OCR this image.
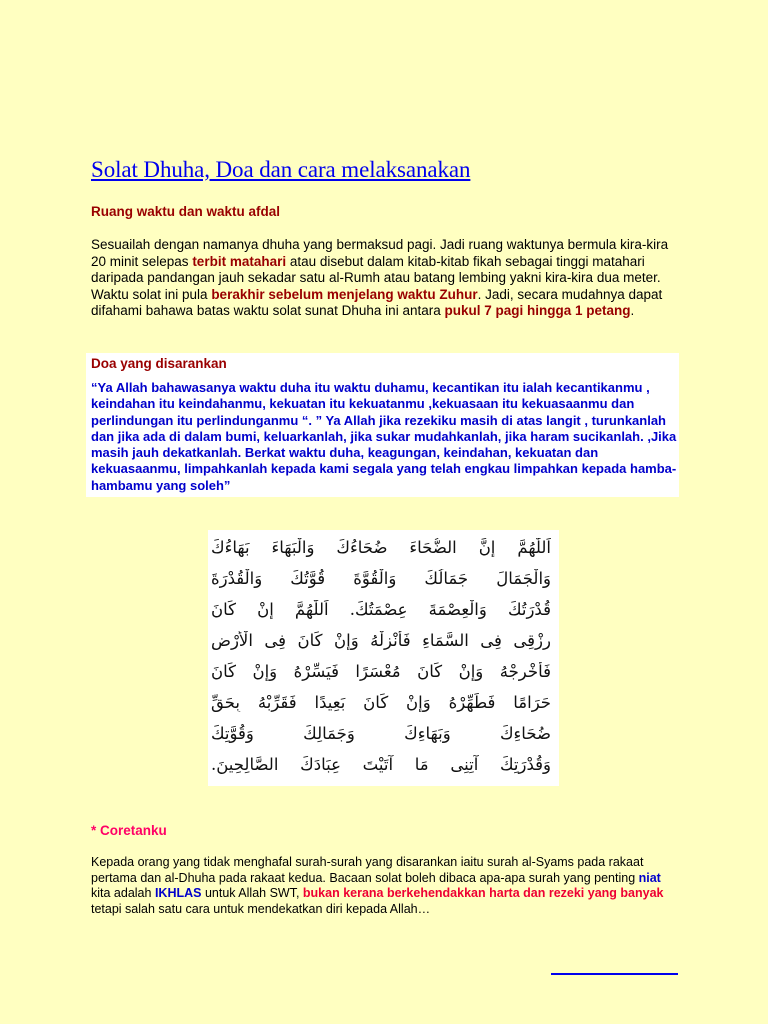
Solat Dhuha, Doa dan cara melaksanakan
Ruang waktu dan waktu afdal

Sesuailah dengan namanya dhuha yang bermaksud pagi. Jadi ruang waktunya bermula kira-kira 20 minit selepas terbit matahari atau disebut dalam kitab-kitab fikah sebagai tinggi matahari daripada pandangan jauh sekadar satu al-Rumh atau batang lembing yakni kira-kira dua meter. Waktu solat ini pula berakhir sebelum menjelang waktu Zuhur. Jadi, secara mudahnya dapat difahami bahawa batas waktu solat sunat Dhuha ini antara pukul 7 pagi hingga 1 petang.

Doa yang disarankan

“Ya Allah bahawasanya waktu duha itu waktu duhamu, kecantikan itu ialah kecantikanmu , keindahan itu keindahanmu, kekuatan itu kekuatanmu ,kekuasaan itu kekuasaanmu dan perlindungan itu perlindunganmu “. ” Ya Allah jika rezekiku masih di atas langit , turunkanlah dan jika ada di dalam bumi, keluarkanlah, jika sukar mudahkanlah, jika haram sucikanlah. ,Jika masih jauh dekatkanlah. Berkat waktu duha, keagungan, keindahan, kekuatan dan kekuasaanmu, limpahkanlah kepada kami segala yang telah engkau limpahkan kepada hamba-hambamu yang soleh”

اَللّٰهُمَّ إِنَّ الضُّحَاءَ ضُحَاءُكَ وَالْبَهَاءَ بَهَاءُكَ

وَالْجَمَالَ جَمَالُكَ وَالْقُوَّةَ قُوَّتُكَ وَالْقُدْرَةَ

قُدْرَتُكَ وَالْعِصْمَةَ عِصْمَتُكَ. اَللّٰهُمَّ إِنْ كَانَ

رِزْقِى فِى السَّمَاءِ فَأَنْزِلْهُ وَإِنْ كَانَ فِى الْأَرْضِ

فَأَخْرِجْهُ وَإِنْ كَانَ مُعْسَرًا فَيَسِّرْهُ وَإِنْ كَانَ

حَرَامًا فَطَهِّرْهُ وَإِنْ كَانَ بَعِيدًا فَقَرِّبْهُ بِحَقِّ

ضُحَاءِكَ وَبَهَاءِكَ وَجَمَالِكَ وَقُوَّتِكَ

وَقُدْرَتِكَ آتِنِى مَا آتَيْتَ عِبَادَكَ الصَّالِحِينَ.

* Coretanku

Kepada orang yang tidak menghafal surah-surah yang disarankan iaitu surah al-Syams pada rakaat pertama dan al-Dhuha pada rakaat kedua. Bacaan solat boleh dibaca apa-apa surah yang penting niat kita adalah IKHLAS untuk Allah SWT, bukan kerana berkehendakkan harta dan rezeki yang banyak tetapi salah satu cara untuk mendekatkan diri kepada Allah…
